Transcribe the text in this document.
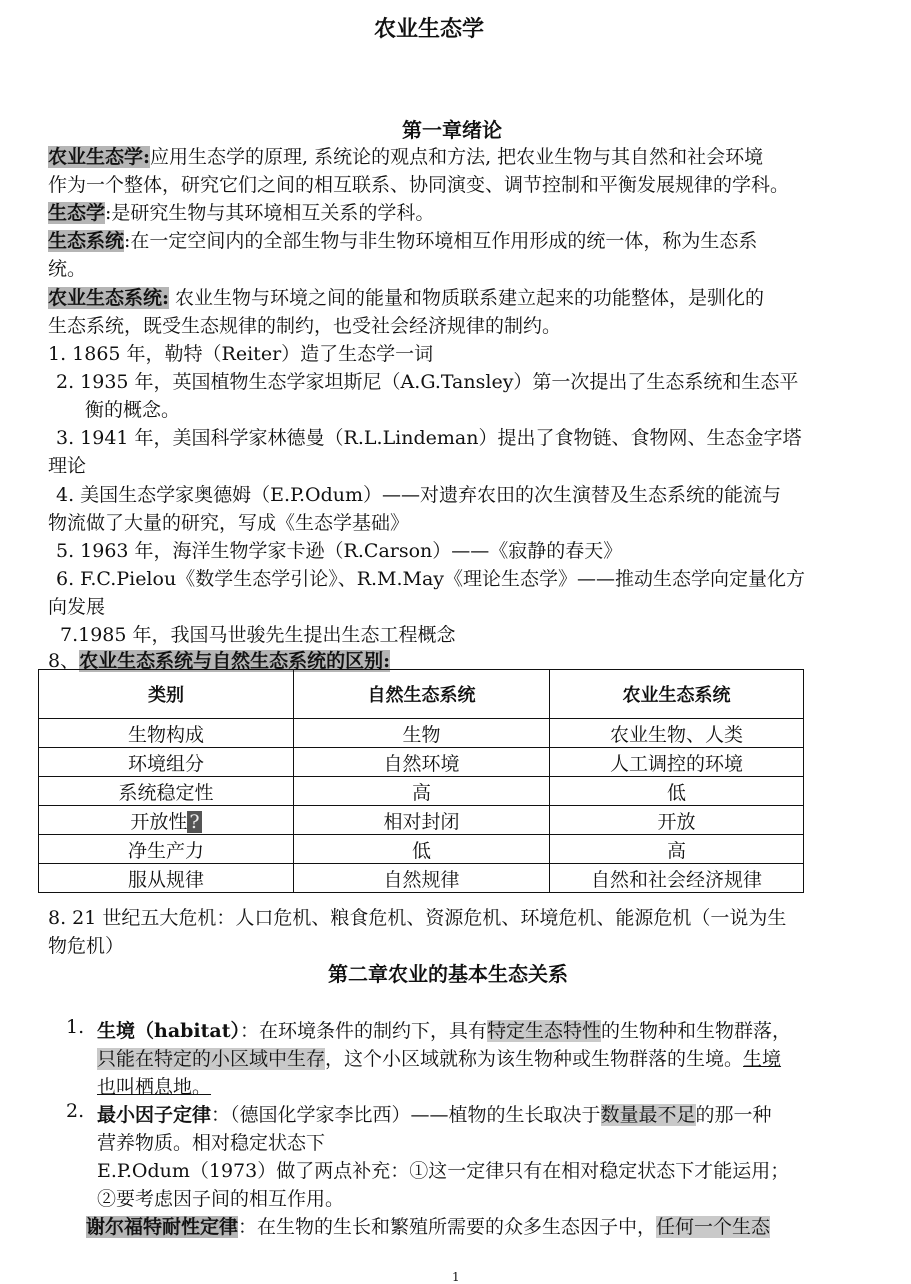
农业生态学
第一章绪论
农业生态学:应用生态学的原理, 系统论的观点和方法, 把农业生物与其自然和社会环境
作为一个整体，研究它们之间的相互联系、协同演变、调节控制和平衡发展规律的学科。
生态学:是研究生物与其环境相互关系的学科。
生态系统:在一定空间内的全部生物与非生物环境相互作用形成的统一体，称为生态系
统。
农业生态系统: 农业生物与环境之间的能量和物质联系建立起来的功能整体，是驯化的
生态系统，既受生态规律的制约，也受社会经济规律的制约。
1. 1865 年，勒特（Reiter）造了生态学一词
2. 1935 年，英国植物生态学家坦斯尼（A.G.Tansley）第一次提出了生态系统和生态平
衡的概念。
3. 1941 年，美国科学家林德曼（R.L.Lindeman）提出了食物链、食物网、生态金字塔
理论
4. 美国生态学家奥德姆（E.P.Odum）——对遗弃农田的次生演替及生态系统的能流与
物流做了大量的研究，写成《生态学基础》
5. 1963 年，海洋生物学家卡逊（R.Carson）——《寂静的春天》
6. F.C.Pielou《数学生态学引论》、R.M.May《理论生态学》——推动生态学向定量化方
向发展
7.1985 年，我国马世骏先生提出生态工程概念
8、农业生态系统与自然生态系统的区别:
类别	自然生态系统	农业生态系统
生物构成	生物	农业生物、人类
环境组分	自然环境	人工调控的环境
系统稳定性	高	低
开放性 ?	相对封闭	开放
净生产力	低	高
服从规律	自然规律	自然和社会经济规律
8. 21 世纪五大危机：人口危机、粮食危机、资源危机、环境危机、能源危机（一说为生
物危机）
第二章农业的基本生态关系
1. 生境（habitat）：在环境条件的制约下，具有特定生态特性的生物种和生物群落，
只能在特定的小区域中生存，这个小区域就称为该生物种或生物群落的生境。生境
也叫栖息地。
2. 最小因子定律：（德国化学家李比西）——植物的生长取决于数量最不足的那一种
营养物质。相对稳定状态下
E.P.Odum（1973）做了两点补充：①这一定律只有在相对稳定状态下才能运用；
②要考虑因子间的相互作用。
谢尔福特耐性定律：在生物的生长和繁殖所需要的众多生态因子中，任何一个生态
1
